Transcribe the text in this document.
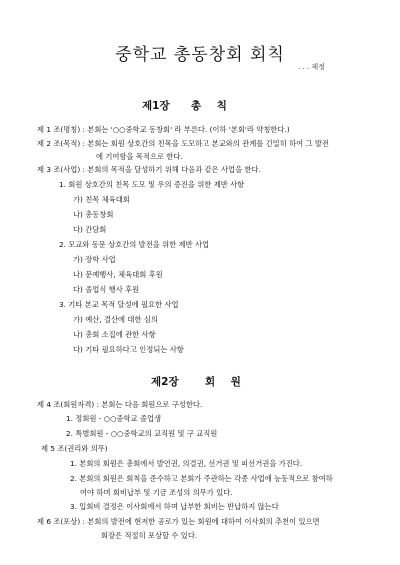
중학교 총동창회 회칙
. . . 제정
제1장 총 칙
제 1 조(명칭) : 본회는 '○○중학교 동창회' 라 부른다. (이하 '본회'라 약칭한다.)
제 2 조(목적) : 본회는 회원 상호간의 친목을 도모하고 본교와의 관계를 긴밀히 하여 그 발전
에 기여함을 목적으로 한다.
제 3 조(사업) : 본회의 목적을 달성하기 위해 다음과 같은 사업을 한다.
1. 회원 상호간의 친목 도모 및 우의 증진을 위한 제반 사항
가) 친목 체육대회
나) 총동창회
다) 간담회
2. 모교와 동문 상호간의 발전을 위한 제반 사업
가) 장학 사업
나) 문예행사, 체육대회 후원
다) 졸업식 행사 후원
3. 기타 본교 목적 달성에 필요한 사업
가) 예산, 결산에 대한 심의
나) 총회 소집에 관한 사항
다) 기타 필요하다고 인정되는 사항
제2장	회 원
제 4 조(회원자격) : 본회는 다음 회원으로 구성한다.
1. 정회원 - ○○중학교 졸업생
2. 특별회원 - ○○중학교의 교직원 및 구 교직원
제 5 조(권리와 의무)
1. 본회의 회원은 총회에서 발언권, 의결권, 선거권 및 피선거권을 가진다.
2. 본회의 회원은 회칙을 준수하고 본회가 주관하는 각종 사업에 능동적으로 참여하
여야 하며 회비납부 및 기금 조성의 의무가 있다.
3. 입회비 결정은 이사회에서 하며 납부한 회비는 반납하지 않는다
제 6 조(포상) : 본회의 발전에 현저한 공로가 있는 회원에 대하여 이사회의 추천이 있으면
회장은 적절히 포상할 수 있다.
